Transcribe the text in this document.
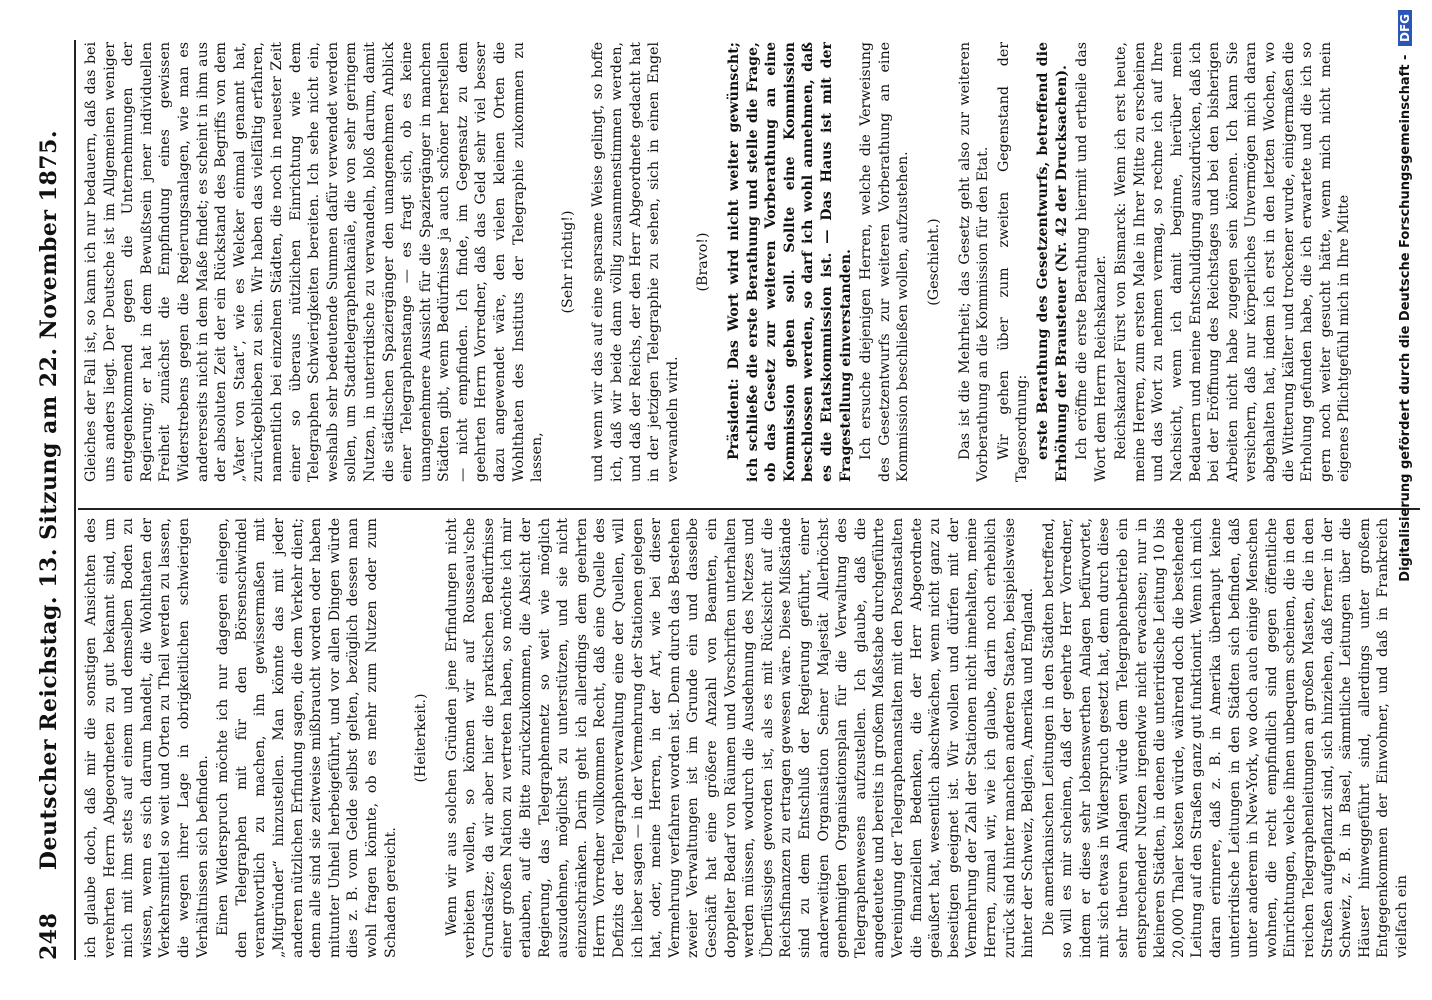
248
Deutscher Reichstag. 13. Sitzung am 22. November 1875. ich glaube doch, daß mir die sonstigen Ansichten des verehrten Herrn Abgeordneten zu gut bekannt sind, um mich mit ihm stets auf einem und demselben Boden zu wissen, wenn es sich darum handelt, die Wohlthaten der Verkehrsmittel so weit und Orten zu Theil werden zu lassen, die wegen ihrer Lage in obrigkeitlichen schwierigen Verhältnissen sich befinden. Einen Widerspruch möchte ich nur dagegen einlegen, den Telegraphen mit für den Börsenschwindel verantwortlich zu machen, ihn gewissermaßen mit „Mitgründer“ hinzustellen. Man könnte das mit jeder anderen nützlichen Erfindung sagen, die dem Verkehr dient; denn alle sind sie zeitweise mißbraucht worden oder haben mitunter Unheil herbeigeführt, und vor allen Dingen würde dies z. B. vom Gelde selbst gelten, bezüglich dessen man wohl fragen könnte, ob es mehr zum Nutzen oder zum Schaden gereicht.

(Heiterkeit.) Wenn wir aus solchen Gründen jene Erfindungen nicht verbieten wollen, so können wir auf Rousseau'sche Grundsätze; da wir aber hier die praktischen Bedürfnisse einer großen Nation zu vertreten haben, so möchte ich mir erlauben, auf die Bitte zurückzukommen, die Absicht der Regierung, das Telegraphennetz so weit wie möglich auszudehnen, möglichst zu unterstützen, und sie nicht einzuschränken. Darin geht ich allerdings dem geehrten Herrn Vorredner vollkommen Recht, daß eine Quelle des Defizits der Telegraphenverwaltung eine der Quellen, will ich lieber sagen — in der Vermehrung der Stationen gelegen hat, oder, meine Herren, in der Art, wie bei dieser Vermehrung verfahren worden ist. Denn durch das Bestehen zweier Verwaltungen ist im Grunde ein und dasselbe Geschäft hat eine größere Anzahl von Beamten, ein doppelter Bedarf von Räumen und Vorschriften unterhalten werden müssen, wodurch die Ausdehnung des Netzes und Überflüssiges geworden ist, als es mit Rücksicht auf die Reichsfinanzen zu ertragen gewesen wäre. Diese Mißstände sind zu dem Entschluß der Regierung geführt, einer anderweitigen Organisation Seiner Majestät Allerhöchst genehmigten Organisationsplan für die Verwaltung des Telegraphenwesens aufzustellen. Ich glaube, daß die angedeutete und bereits in großem Maßstabe durchgeführte Vereinigung der Telegraphenanstalten mit den Postanstalten die finanziellen Bedenken, die der Herr Abgeordnete geäußert hat, wesentlich abschwächen, wenn nicht ganz zu beseitigen geeignet ist. Wir wollen und dürfen mit der Vermehrung der Zahl der Stationen nicht innehalten, meine Herren, zumal wir, wie ich glaube, darin noch erheblich zurück sind hinter manchen anderen Staaten, beispielsweise hinter der Schweiz, Belgien, Amerika und England. Die amerikanischen Leitungen in den Städten betreffend, so will es mir scheinen, daß der geehrte Herr Vorredner, indem er diese sehr lobenswerthen Anlagen befürwortet, mit sich etwas in Widerspruch gesetzt hat, denn durch diese sehr theuren Anlagen würde dem Telegraphenbetrieb ein entsprechender Nutzen irgendwie nicht erwachsen; nur in kleineren Städten, in denen die unterirdische Leitung 10 bis 20,000 Thaler kosten würde, während doch die bestehende Leitung auf den Straßen ganz gut funktionirt. Wenn ich mich daran erinnere, daß z. B. in Amerika überhaupt keine unterirdische Leitungen in den Städten sich befinden, daß unter anderem in New-York, wo doch auch einige Menschen wohnen, die recht empfindlich sind gegen öffentliche Einrichtungen, welche ihnen unbequem scheinen, die in den reichen Telegraphenleitungen an großen Masten, die in den Straßen aufgepflanzt sind, sich hinziehen, daß ferner in der Schweiz, z. B. in Basel, sämmtliche Leitungen über die Häuser hinweggeführt sind, allerdings unter großem Entgegenkommen der Einwohner, und daß in Frankreich vielfach ein

Gleiches der Fall ist, so kann ich nur bedauern, daß das bei uns anders liegt. Der Deutsche ist im Allgemeinen weniger entgegenkommend gegen die Unternehmungen der Regierung; er hat in dem Bewußtsein jener individuellen Freiheit zunächst die Empfindung eines gewissen Widerstrebens gegen die Regierungsanlagen, wie man es andererseits nicht in dem Maße findet; es scheint in ihm aus der absoluten Zeit der ein Rückstand des Begriffs von dem „Vater von Staat“, wie es Welcker einmal genannt hat, zurückgeblieben zu sein. Wir haben das vielfältig erfahren, namentlich bei einzelnen Städten, die noch in neuester Zeit einer so überaus nützlichen Einrichtung wie dem Telegraphen Schwierigkeiten bereiten. Ich sehe nicht ein, weshalb sehr bedeutende Summen dafür verwendet werden sollen, um Stadttelegraphenkanäle, die von sehr geringem Nutzen, in unterirdische zu verwandeln, bloß darum, damit die städtischen Spaziergänger den unangenehmen Anblick einer Telegraphenstange — es fragt sich, ob es keine unangenehmere Aussicht für die Spaziergänger in manchen Städten gibt, wenn Bedürfnisse ja auch schöner herstellen — nicht empfinden. Ich finde, im Gegensatz zu dem geehrten Herrn Vorredner, daß das Geld sehr viel besser dazu angewendet wäre, den vielen kleinen Orten die Wohlthaten des Instituts der Telegraphie zukommen zu lassen,

(Sehr richtig!) und wenn wir das auf eine sparsame Weise gelingt, so hoffe ich, daß wir beide dann völlig zusammenstimmen werden, und daß der Reichs, der den Herr Abgeordnete gedacht hat in der jetzigen Telegraphie zu sehen, sich in einen Engel verwandeln wird.

(Bravo!) Präsident: Das Wort wird nicht weiter gewünscht; ich schließe die erste Berathung und stelle die Frage, ob das Gesetz zur weiteren Vorberathung an eine Kommission gehen soll. Sollte eine Kommission beschlossen werden, so darf ich wohl annehmen, daß es die Etatskommission ist. — Das Haus ist mit der Fragestellung einverstanden. Ich ersuche diejenigen Herren, welche die Verweisung des Gesetzentwurfs zur weiteren Vorberathung an eine Kommission beschließen wollen, aufzustehen. (Geschieht.) Das ist die Mehrheit; das Gesetz geht also zur weiteren Vorberathung an die Kommission für den Etat. Wir gehen über zum zweiten Gegenstand der Tagesordnung: erste Berathung des Gesetzentwurfs, betreffend die Erhöhung der Brausteuer (Nr. 42 der Drucksachen). Ich eröffne die erste Berathung hiermit und ertheile das Wort dem Herrn Reichskanzler. Reichskanzler Fürst von Bismarck: Wenn ich erst heute, meine Herren, zum ersten Male in Ihrer Mitte zu erscheinen und das Wort zu nehmen vermag, so rechne ich auf Ihre Nachsicht, wenn ich damit beginne, hierüber mein Bedauern und meine Entschuldigung auszudrücken, daß ich bei der Eröffnung des Reichstages und bei den bisherigen Arbeiten nicht habe zugegen sein können. Ich kann Sie versichern, daß nur körperliches Unvermögen mich daran abgehalten hat, indem ich erst in den letzten Wochen, wo die Witterung kälter und trockener wurde, einigermaßen die Erholung gefunden habe, die ich erwartete und die ich so gern noch weiter gesucht hätte, wenn mich nicht mein eigenes Pflichtgefühl mich in Ihre Mitte	Digitalisierung gefördert durch die Deutsche Forschungsgemeinschaft - DFG
